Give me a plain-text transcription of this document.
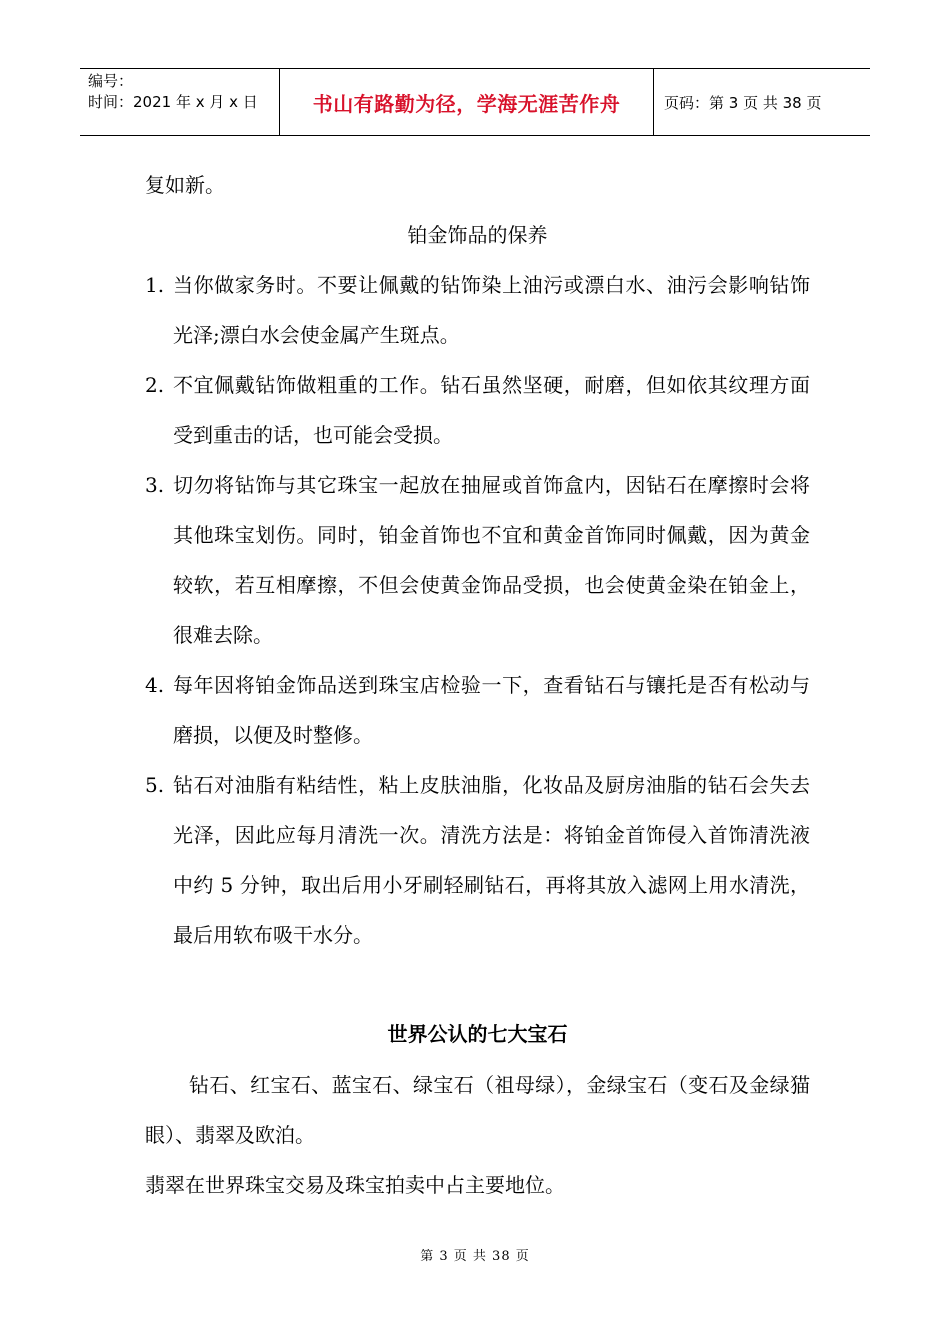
编号：
时间：2021 年 x 月 x 日	书山有路勤为径，学海无涯苦作舟	页码：第 3 页 共 38 页
复如新。
铂金饰品的保养
1. 当你做家务时。不要让佩戴的钻饰染上油污或漂白水、油污会影响钻饰光泽;漂白水会使金属产生斑点。
2. 不宜佩戴钻饰做粗重的工作。钻石虽然坚硬，耐磨，但如依其纹理方面受到重击的话，也可能会受损。
3. 切勿将钻饰与其它珠宝一起放在抽屉或首饰盒内，因钻石在摩擦时会将其他珠宝划伤。同时，铂金首饰也不宜和黄金首饰同时佩戴，因为黄金较软，若互相摩擦，不但会使黄金饰品受损，也会使黄金染在铂金上，很难去除。
4. 每年因将铂金饰品送到珠宝店检验一下，查看钻石与镶托是否有松动与磨损，以便及时整修。
5. 钻石对油脂有粘结性，粘上皮肤油脂，化妆品及厨房油脂的钻石会失去光泽，因此应每月清洗一次。清洗方法是：将铂金首饰侵入首饰清洗液中约 5 分钟，取出后用小牙刷轻刷钻石，再将其放入滤网上用水清洗，最后用软布吸干水分。
世界公认的七大宝石
钻石、红宝石、蓝宝石、绿宝石（祖母绿），金绿宝石（变石及金绿猫眼）、翡翠及欧泊。
翡翠在世界珠宝交易及珠宝拍卖中占主要地位。
第 3 页 共 38 页
